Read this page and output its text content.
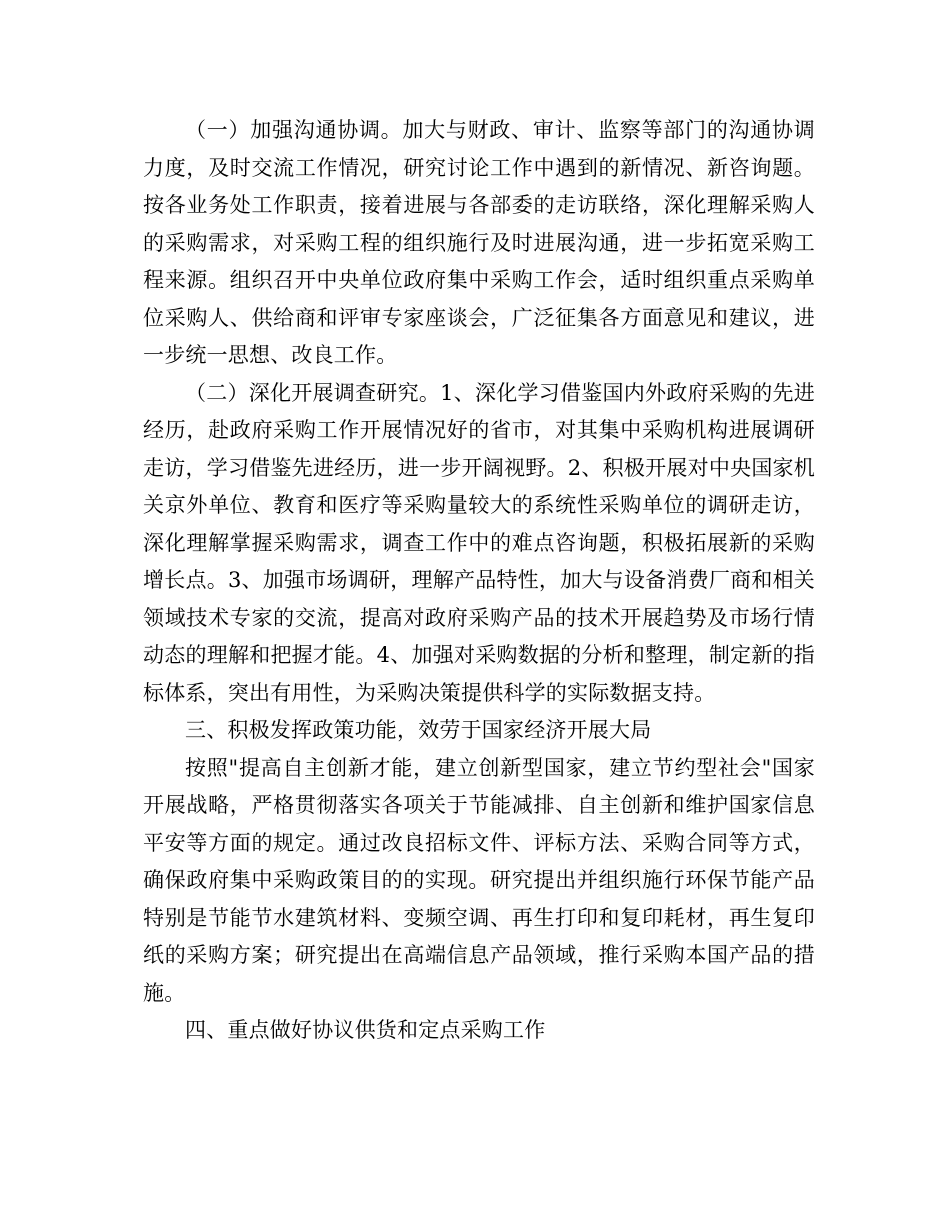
（一）加强沟通协调。加大与财政、审计、监察等部门的沟通协调力度，及时交流工作情况，研究讨论工作中遇到的新情况、新咨询题。按各业务处工作职责，接着进展与各部委的走访联络，深化理解采购人的采购需求，对采购工程的组织施行及时进展沟通，进一步拓宽采购工程来源。组织召开中央单位政府集中采购工作会，适时组织重点采购单位采购人、供给商和评审专家座谈会，广泛征集各方面意见和建议，进一步统一思想、改良工作。

（二）深化开展调查研究。1、深化学习借鉴国内外政府采购的先进经历，赴政府采购工作开展情况好的省市，对其集中采购机构进展调研走访，学习借鉴先进经历，进一步开阔视野。2、积极开展对中央国家机关京外单位、教育和医疗等采购量较大的系统性采购单位的调研走访，深化理解掌握采购需求，调查工作中的难点咨询题，积极拓展新的采购增长点。3、加强市场调研，理解产品特性，加大与设备消费厂商和相关领域技术专家的交流，提高对政府采购产品的技术开展趋势及市场行情动态的理解和把握才能。4、加强对采购数据的分析和整理，制定新的指标体系，突出有用性，为采购决策提供科学的实际数据支持。

三、积极发挥政策功能，效劳于国家经济开展大局

按照"提高自主创新才能，建立创新型国家，建立节约型社会"国家开展战略，严格贯彻落实各项关于节能减排、自主创新和维护国家信息平安等方面的规定。通过改良招标文件、评标方法、采购合同等方式，确保政府集中采购政策目的的实现。研究提出并组织施行环保节能产品特别是节能节水建筑材料、变频空调、再生打印和复印耗材，再生复印纸的采购方案；研究提出在高端信息产品领域，推行采购本国产品的措施。

四、重点做好协议供货和定点采购工作
